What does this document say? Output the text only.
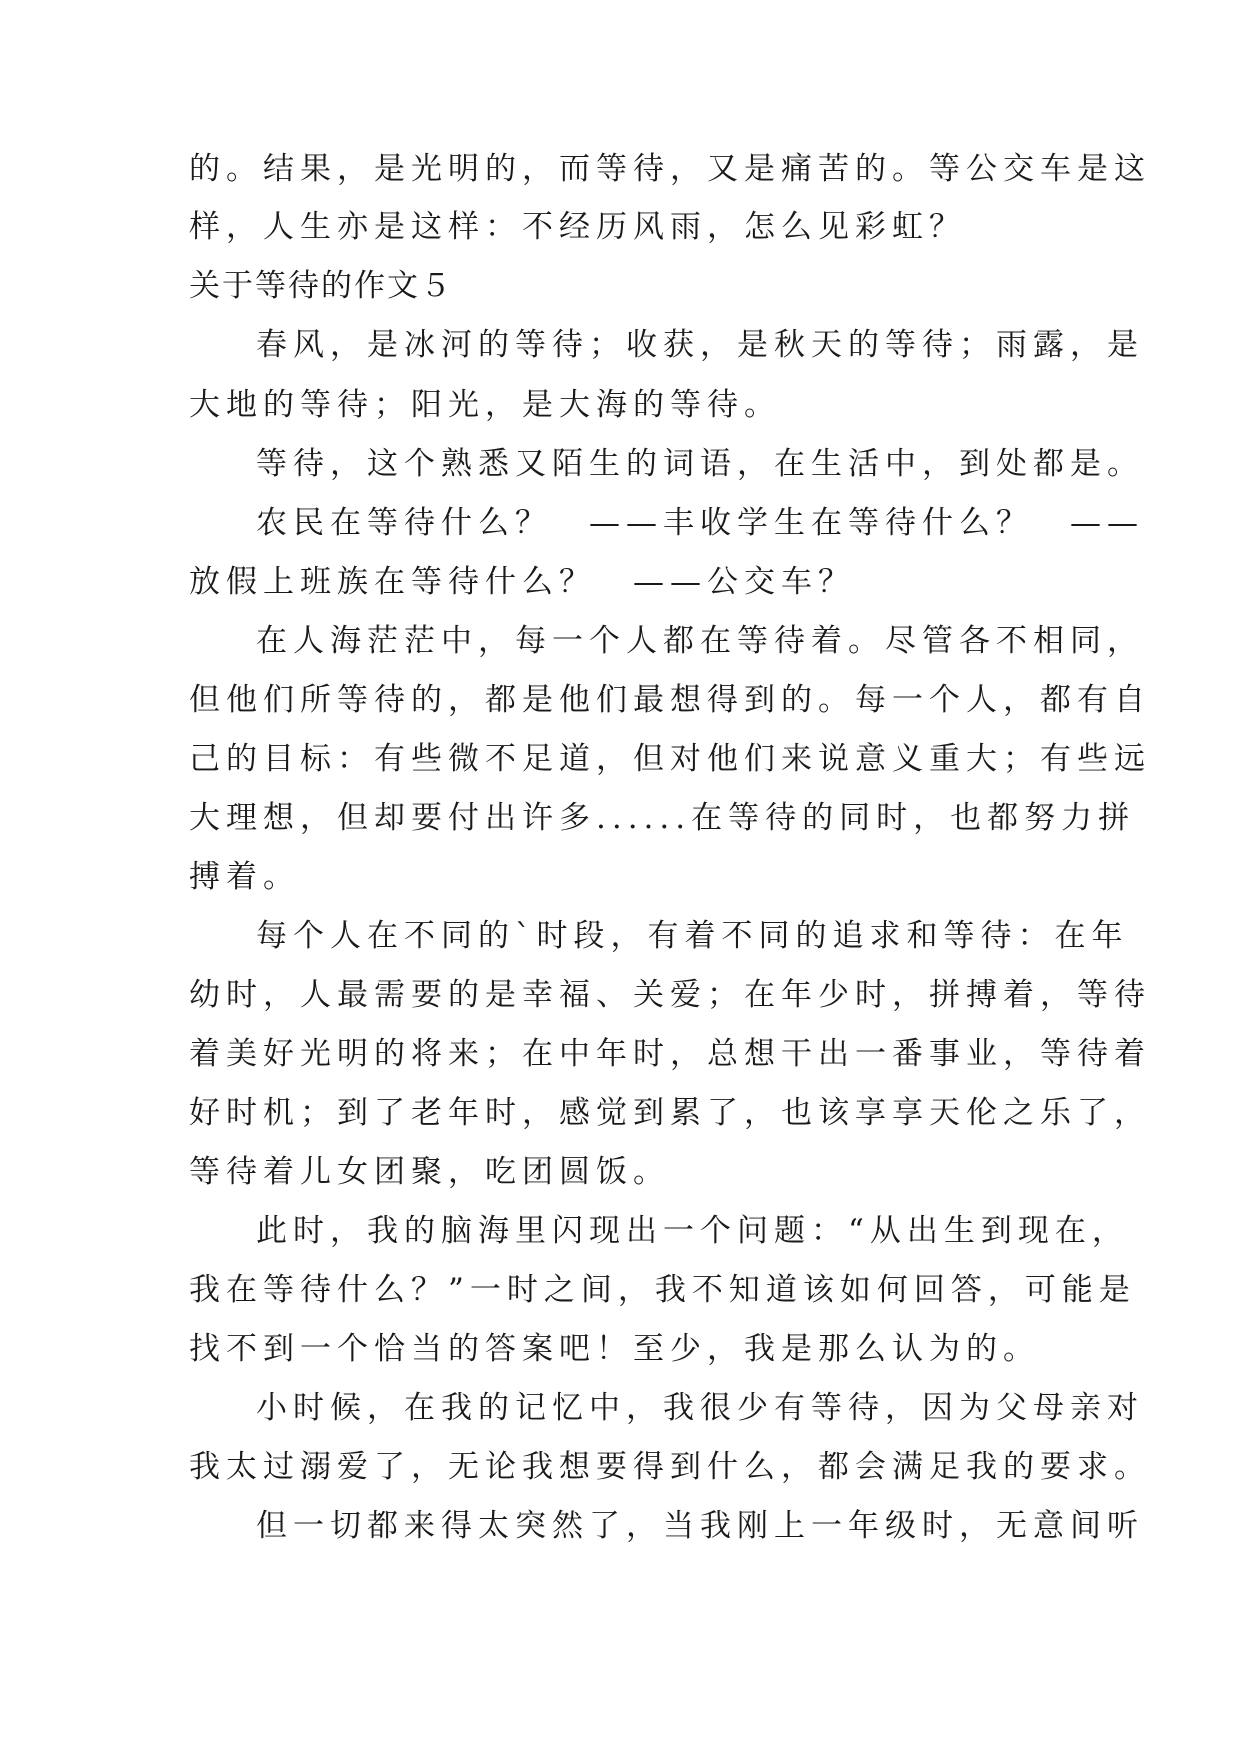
的。结果，是光明的，而等待，又是痛苦的。等公交车是这
样，人生亦是这样：不经历风雨，怎么见彩虹？
关于等待的作文５
春风，是冰河的等待；收获，是秋天的等待；雨露，是
大地的等待；阳光，是大海的等待。
等待，这个熟悉又陌生的词语，在生活中，到处都是。
农民在等待什么？　——丰收学生在等待什么？　——
放假上班族在等待什么？　——公交车？
在人海茫茫中，每一个人都在等待着。尽管各不相同，
但他们所等待的，都是他们最想得到的。每一个人，都有自
己的目标：有些微不足道，但对他们来说意义重大；有些远
大理想，但却要付出许多......在等待的同时，也都努力拼
搏着。
每个人在不同的`时段，有着不同的追求和等待：在年
幼时，人最需要的是幸福、关爱；在年少时，拼搏着，等待
着美好光明的将来；在中年时，总想干出一番事业，等待着
好时机；到了老年时，感觉到累了，也该享享天伦之乐了，
等待着儿女团聚，吃团圆饭。
此时，我的脑海里闪现出一个问题：“从出生到现在，
我在等待什么？”一时之间，我不知道该如何回答，可能是
找不到一个恰当的答案吧！至少，我是那么认为的。
小时候，在我的记忆中，我很少有等待，因为父母亲对
我太过溺爱了，无论我想要得到什么，都会满足我的要求。
但一切都来得太突然了，当我刚上一年级时，无意间听
